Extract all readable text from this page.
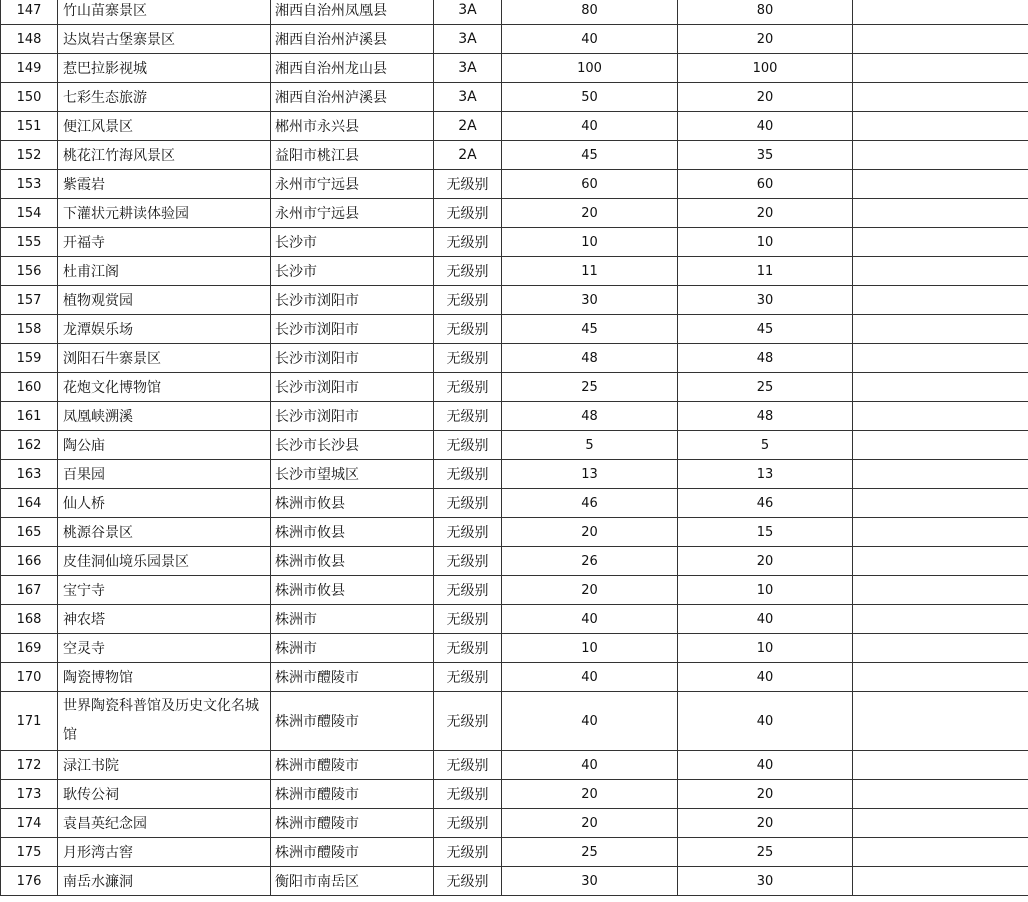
147	竹山苗寨景区	湘西自治州凤凰县	3A	80	80	
148	达岚岩古堡寨景区	湘西自治州泸溪县	3A	40	20	
149	惹巴拉影视城	湘西自治州龙山县	3A	100	100	
150	七彩生态旅游	湘西自治州泸溪县	3A	50	20	
151	便江风景区	郴州市永兴县	2A	40	40	
152	桃花江竹海风景区	益阳市桃江县	2A	45	35	
153	紫霞岩	永州市宁远县	无级别	60	60	
154	下灌状元耕读体验园	永州市宁远县	无级别	20	20	
155	开福寺	长沙市	无级别	10	10	
156	杜甫江阁	长沙市	无级别	11	11	
157	植物观赏园	长沙市浏阳市	无级别	30	30	
158	龙潭娱乐场	长沙市浏阳市	无级别	45	45	
159	浏阳石牛寨景区	长沙市浏阳市	无级别	48	48	
160	花炮文化博物馆	长沙市浏阳市	无级别	25	25	
161	凤凰峡溯溪	长沙市浏阳市	无级别	48	48	
162	陶公庙	长沙市长沙县	无级别	5	5	
163	百果园	长沙市望城区	无级别	13	13	
164	仙人桥	株洲市攸县	无级别	46	46	
165	桃源谷景区	株洲市攸县	无级别	20	15	
166	皮佳洞仙境乐园景区	株洲市攸县	无级别	26	20	
167	宝宁寺	株洲市攸县	无级别	20	10	
168	神农塔	株洲市	无级别	40	40	
169	空灵寺	株洲市	无级别	10	10	
170	陶瓷博物馆	株洲市醴陵市	无级别	40	40	
171	世界陶瓷科普馆及历史文化名城馆	株洲市醴陵市	无级别	40	40	
172	渌江书院	株洲市醴陵市	无级别	40	40	
173	耿传公祠	株洲市醴陵市	无级别	20	20	
174	袁昌英纪念园	株洲市醴陵市	无级别	20	20	
175	月形湾古窖	株洲市醴陵市	无级别	25	25	
176	南岳水濂洞	衡阳市南岳区	无级别	30	30	
